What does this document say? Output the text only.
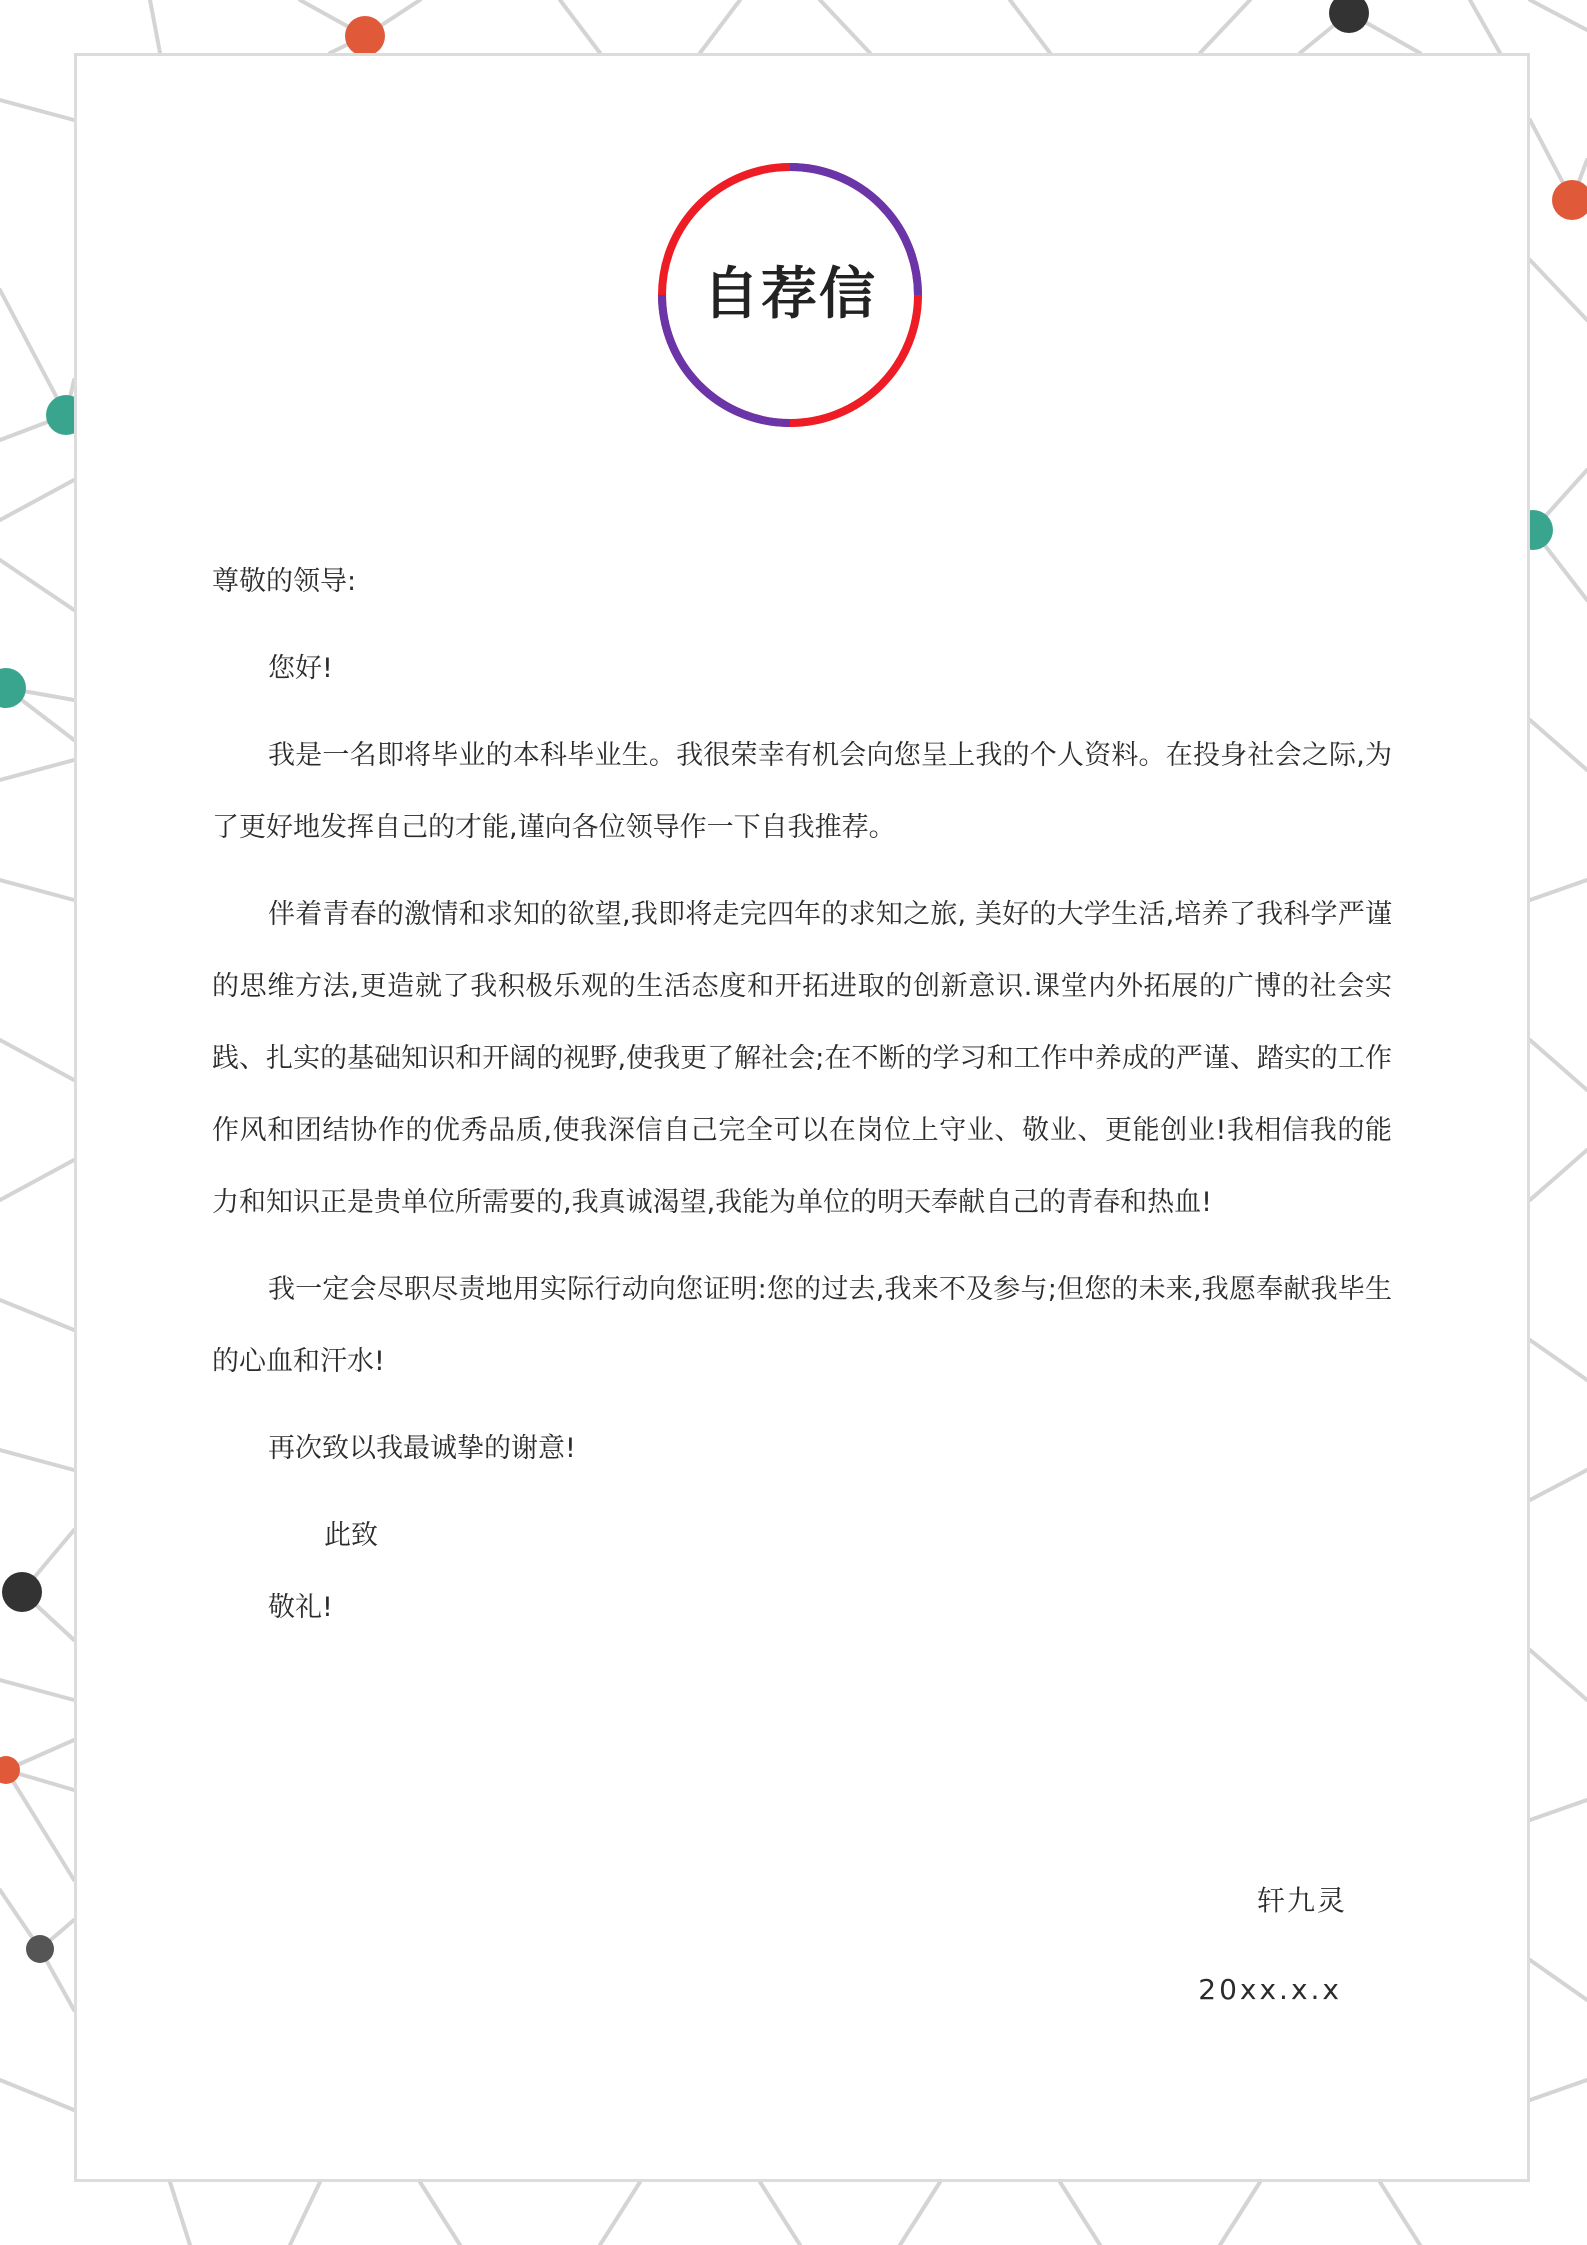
自荐信

尊敬的领导:

您好!

我是一名即将毕业的本科毕业生。我很荣幸有机会向您呈上我的个人资料。在投身社会之际,为了更好地发挥自己的才能,谨向各位领导作一下自我推荐。

伴着青春的激情和求知的欲望,我即将走完四年的求知之旅, 美好的大学生活,培养了我科学严谨的思维方法,更造就了我积极乐观的生活态度和开拓进取的创新意识.课堂内外拓展的广博的社会实践、扎实的基础知识和开阔的视野,使我更了解社会;在不断的学习和工作中养成的严谨、踏实的工作作风和团结协作的优秀品质,使我深信自己完全可以在岗位上守业、敬业、更能创业!我相信我的能力和知识正是贵单位所需要的,我真诚渴望,我能为单位的明天奉献自己的青春和热血!

我一定会尽职尽责地用实际行动向您证明:您的过去,我来不及参与;但您的未来,我愿奉献我毕生的心血和汗水!

再次致以我最诚挚的谢意!

此致

敬礼!

轩九灵
20xx.x.x
